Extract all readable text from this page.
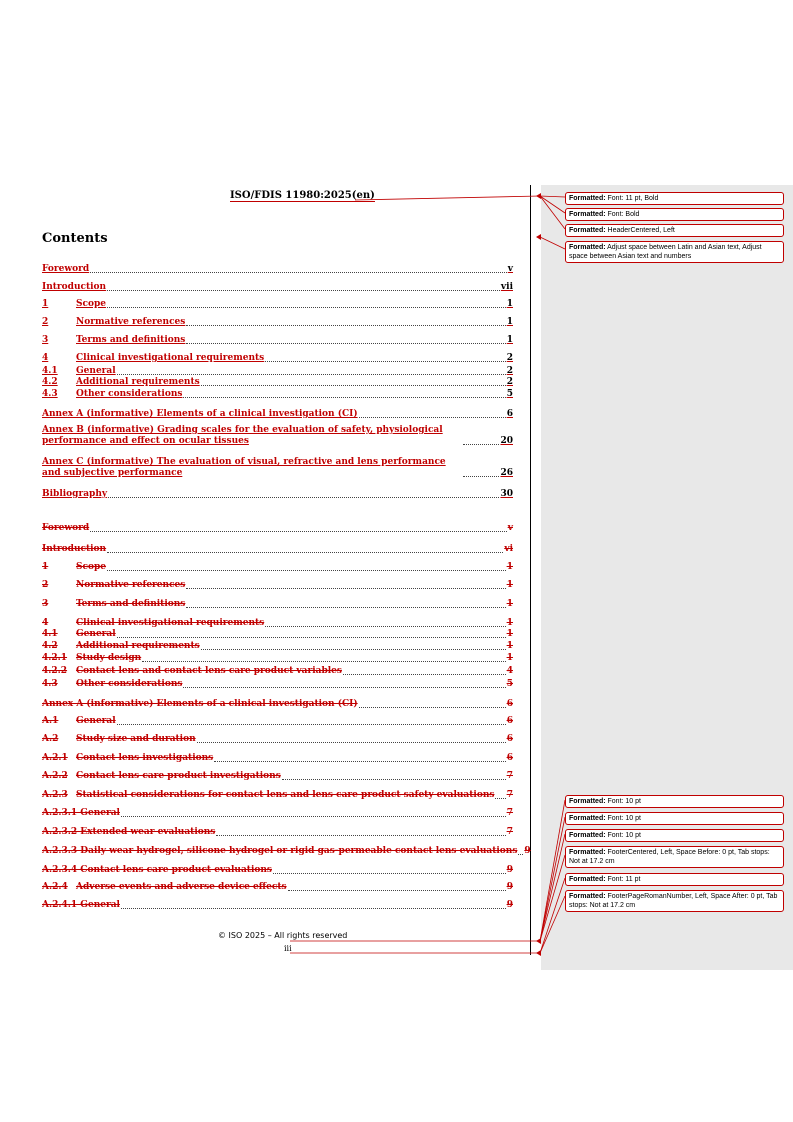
ISO/FDIS 11980:2025(en)
Contents
Foreword	v
Introduction	vii
1	Scope	1
2	Normative references	1
3	Terms and definitions	1
4	Clinical investigational requirements	2
4.1	General	2
4.2	Additional requirements	2
4.3	Other considerations	5
Annex A (informative) Elements of a clinical investigation (CI)	6
Annex B (informative) Grading scales for the evaluation of safety, physiological performance and effect on ocular tissues	20
Annex C (informative) The evaluation of visual, refractive and lens performance and subjective performance	26
Bibliography	30
Foreword	v
Introduction	vi
1	Scope	1
2	Normative references	1
3	Terms and definitions	1
4	Clinical investigational requirements	1
4.1	General	1
4.2	Additional requirements	1
4.2.1 Study design	1
4.2.2 Contact lens and contact lens care product variables	4
4.3	Other considerations	5
Annex A (informative) Elements of a clinical investigation (CI)	6
A.1	General	6
A.2	Study size and duration	6
A.2.1 Contact lens investigations	6
A.2.2 Contact lens care product investigations	7
A.2.3 Statistical considerations for contact lens and lens care product safety evaluations 7
A.2.3.1 General	7
A.2.3.2 Extended wear evaluations	7
A.2.3.3 Daily wear hydrogel, silicone hydrogel or rigid gas-permeable contact lens evaluations 9
A.2.3.4 Contact lens care product evaluations	9
A.2.4 Adverse events and adverse device effects	9
A.2.4.1 General	9
© ISO 2025 – All rights reserved
iii
Formatted: Font: 11 pt, Bold
Formatted: Font: Bold
Formatted: HeaderCentered, Left
Formatted: Adjust space between Latin and Asian text, Adjust space between Asian text and numbers
Formatted: Font: 10 pt
Formatted: Font: 10 pt
Formatted: Font: 10 pt
Formatted: FooterCentered, Left, Space Before: 0 pt, Tab stops: Not at 17.2 cm
Formatted: Font: 11 pt
Formatted: FooterPageRomanNumber, Left, Space After: 0 pt, Tab stops: Not at 17.2 cm
